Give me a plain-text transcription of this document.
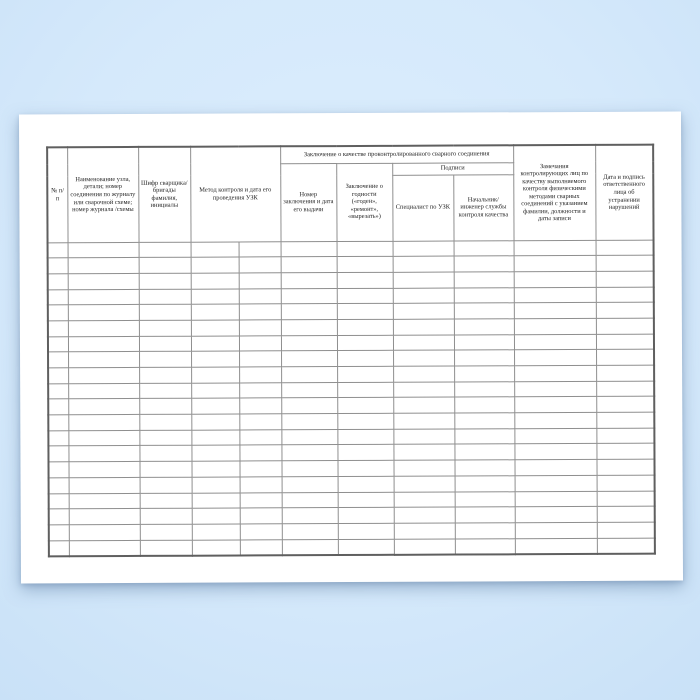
№ п/п	Наименование узла, детали; номер соединения по журналу или сварочной схеме; номер журнала /схемы	Шифр сварщика/бригады фамилия, инициалы	Метод контроля и дата его проведения УЗК		Заключение о качестве проконтролированного сварного соединения				Замечания контролирующих лиц по качеству выполняемого контроля физическими методами сварных соединений с указанием фамилии, должности и даты записи	Дата и подпись ответственного лица об устранении нарушений
					Номер заключения и дата его выдачи	Заключение о годности («годен», «ремонт», «вырезать»)	Подписи			
							Специалист по УЗК	Начальник/ инженер службы контроля качества		
